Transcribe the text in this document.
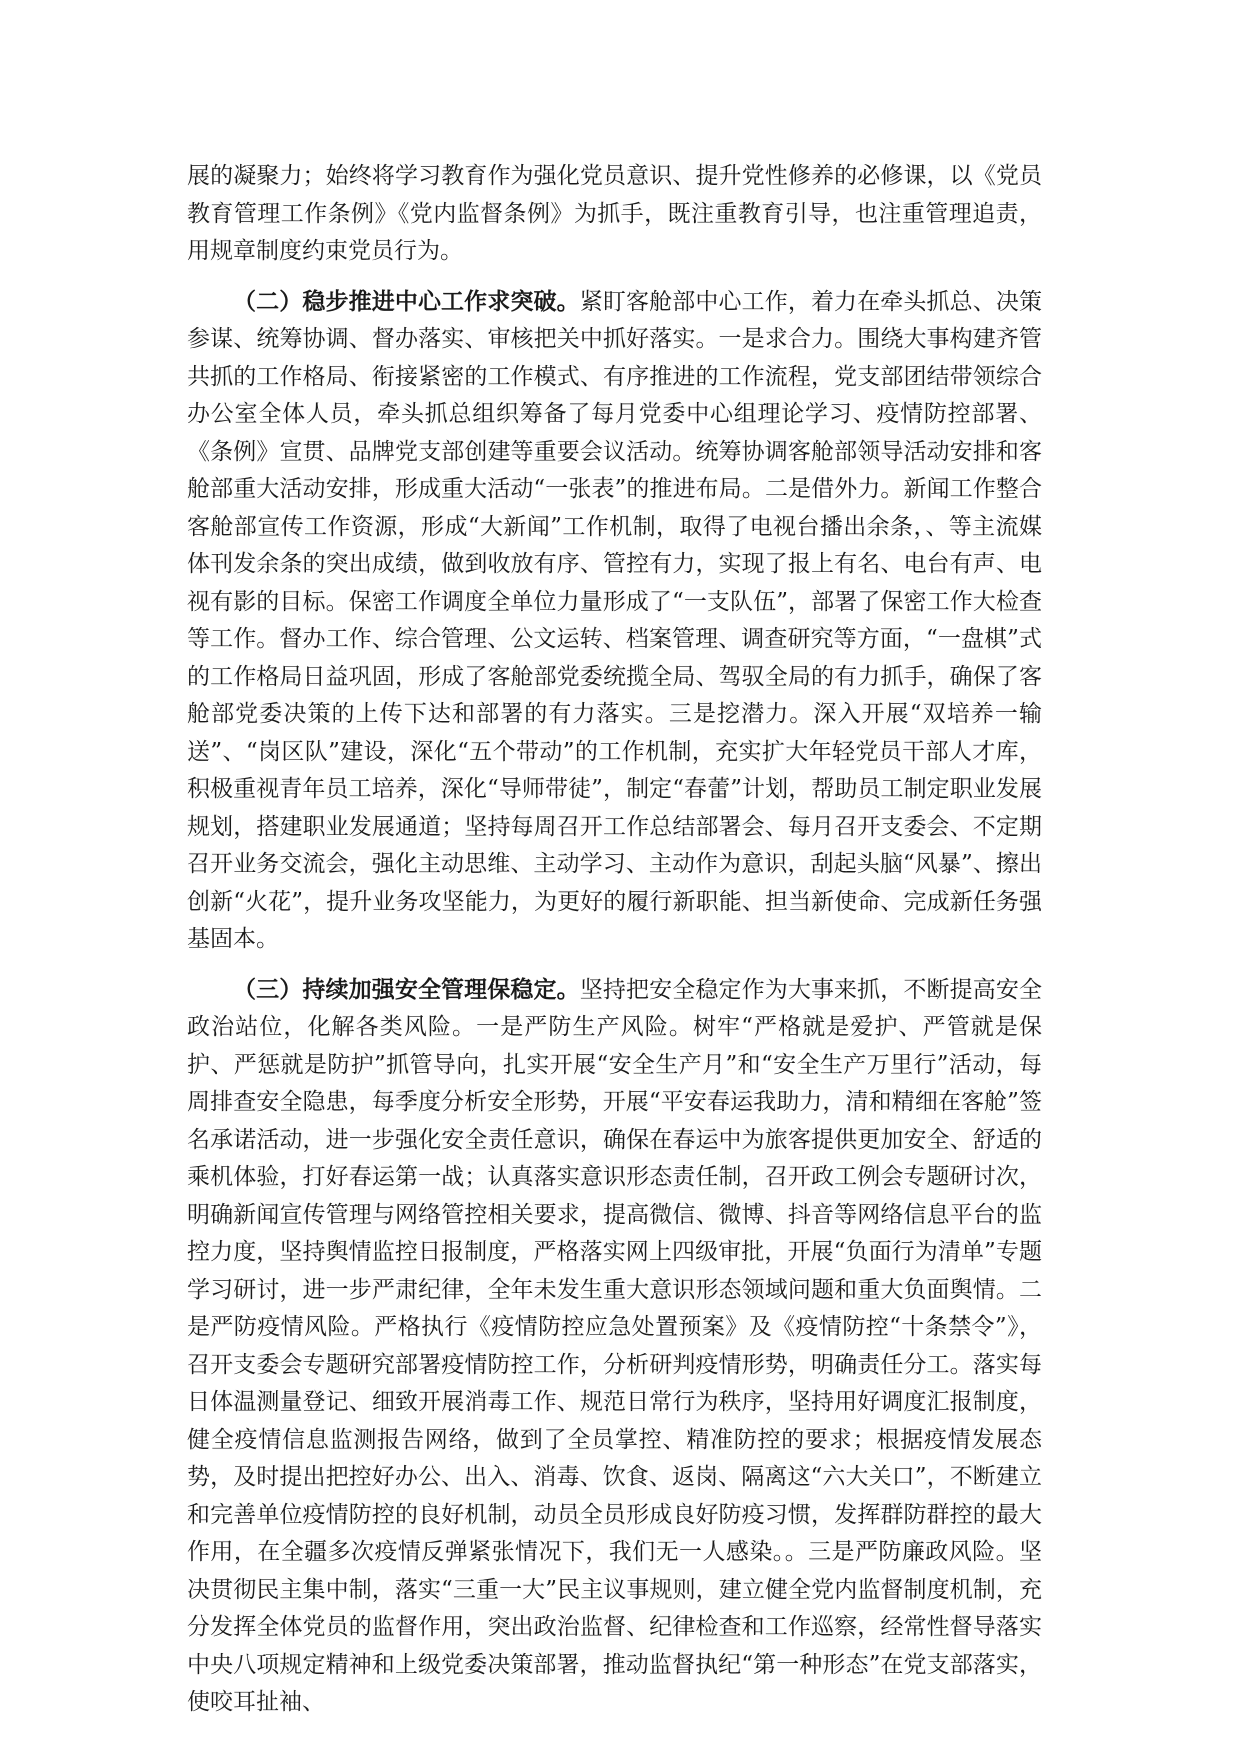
展的凝聚力；始终将学习教育作为强化党员意识、提升党性修养的必修课，以《党员教育管理工作条例》《党内监督条例》为抓手，既注重教育引导，也注重管理追责，用规章制度约束党员行为。

（二）稳步推进中心工作求突破。紧盯客舱部中心工作，着力在牵头抓总、决策参谋、统筹协调、督办落实、审核把关中抓好落实。一是求合力。围绕大事构建齐管共抓的工作格局、衔接紧密的工作模式、有序推进的工作流程，党支部团结带领综合办公室全体人员，牵头抓总组织筹备了每月党委中心组理论学习、疫情防控部署、《条例》宣贯、品牌党支部创建等重要会议活动。统筹协调客舱部领导活动安排和客舱部重大活动安排，形成重大活动“一张表”的推进布局。二是借外力。新闻工作整合客舱部宣传工作资源，形成“大新闻”工作机制，取得了电视台播出余条，、等主流媒体刊发余条的突出成绩，做到收放有序、管控有力，实现了报上有名、电台有声、电视有影的目标。保密工作调度全单位力量形成了“一支队伍”，部署了保密工作大检查等工作。督办工作、综合管理、公文运转、档案管理、调查研究等方面，“一盘棋”式的工作格局日益巩固，形成了客舱部党委统揽全局、驾驭全局的有力抓手，确保了客舱部党委决策的上传下达和部署的有力落实。三是挖潜力。深入开展“双培养一输送”、“岗区队”建设，深化“五个带动”的工作机制，充实扩大年轻党员干部人才库，积极重视青年员工培养，深化“导师带徒”，制定“春蕾”计划，帮助员工制定职业发展规划，搭建职业发展通道；坚持每周召开工作总结部署会、每月召开支委会、不定期召开业务交流会，强化主动思维、主动学习、主动作为意识，刮起头脑“风暴”、擦出创新“火花”，提升业务攻坚能力，为更好的履行新职能、担当新使命、完成新任务强基固本。

（三）持续加强安全管理保稳定。坚持把安全稳定作为大事来抓，不断提高安全政治站位，化解各类风险。一是严防生产风险。树牢“严格就是爱护、严管就是保护、严惩就是防护”抓管导向，扎实开展“安全生产月”和“安全生产万里行”活动，每周排查安全隐患，每季度分析安全形势，开展“平安春运我助力，清和精细在客舱”签名承诺活动，进一步强化安全责任意识，确保在春运中为旅客提供更加安全、舒适的乘机体验，打好春运第一战；认真落实意识形态责任制，召开政工例会专题研讨次，明确新闻宣传管理与网络管控相关要求，提高微信、微博、抖音等网络信息平台的监控力度，坚持舆情监控日报制度，严格落实网上四级审批，开展“负面行为清单”专题学习研讨，进一步严肃纪律，全年未发生重大意识形态领域问题和重大负面舆情。二是严防疫情风险。严格执行《疫情防控应急处置预案》及《疫情防控“十条禁令”》，召开支委会专题研究部署疫情防控工作，分析研判疫情形势，明确责任分工。落实每日体温测量登记、细致开展消毒工作、规范日常行为秩序，坚持用好调度汇报制度，健全疫情信息监测报告网络，做到了全员掌控、精准防控的要求；根据疫情发展态势，及时提出把控好办公、出入、消毒、饮食、返岗、隔离这“六大关口”，不断建立和完善单位疫情防控的良好机制，动员全员形成良好防疫习惯，发挥群防群控的最大作用，在全疆多次疫情反弹紧张情况下，我们无一人感染。。三是严防廉政风险。坚决贯彻民主集中制，落实“三重一大”民主议事规则，建立健全党内监督制度机制，充分发挥全体党员的监督作用，突出政治监督、纪律检查和工作巡察，经常性督导落实中央八项规定精神和上级党委决策部署，推动监督执纪“第一种形态”在党支部落实，使咬耳扯袖、
